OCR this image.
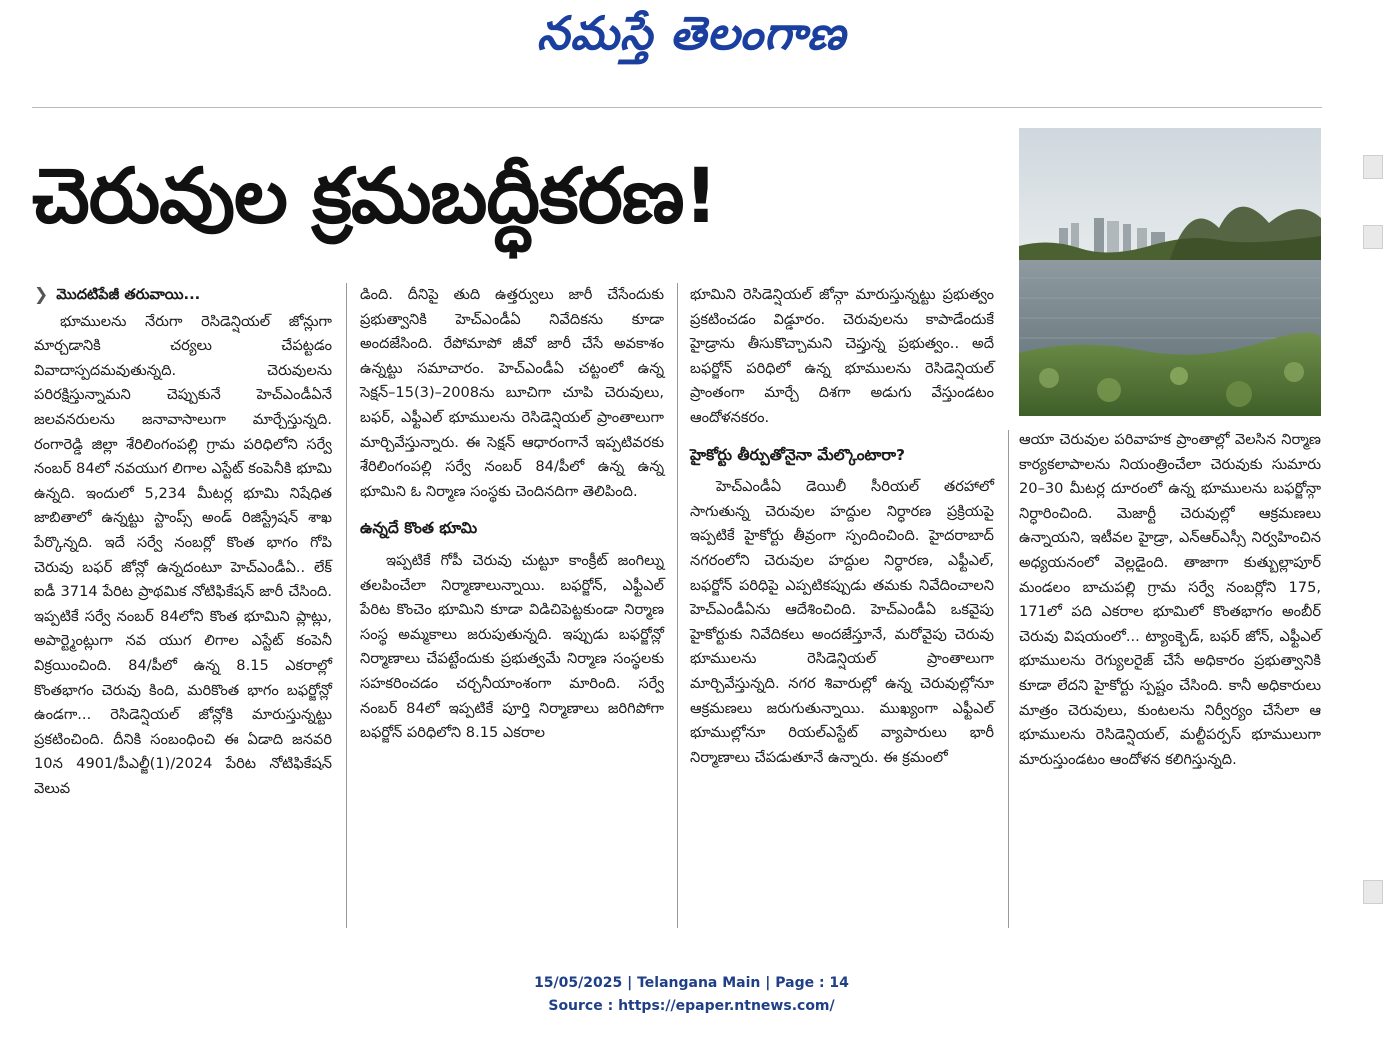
నమస్తే తెలంగాణ
చెరువుల క్రమబద్ధీకరణ!
❯ మొదటిపేజీ తరువాయి...

భూములను నేరుగా రెసిడెన్షియల్ జోన్లుగా మార్చడానికి చర్యలు చేపట్టడం వివాదాస్పదమవుతున్నది. చెరువులను పరిరక్షిస్తున్నామని చెప్పుకునే హెచ్ఎండీఏనే జలవనరులను జనావాసాలుగా మార్చేస్తున్నది. రంగారెడ్డి జిల్లా శేరిలింగంపల్లి గ్రామ పరిధిలోని సర్వే నంబర్ 84లో నవయుగ లిగాల ఎస్టేట్ కంపెనీకి భూమి ఉన్నది. ఇందులో 5,234 మీటర్ల భూమి నిషేధిత జాబితాలో ఉన్నట్టు స్టాంప్స్ అండ్ రిజిస్ట్రేషన్ శాఖ పేర్కొన్నది. ఇదే సర్వే నంబర్లో కొంత భాగం గోపి చెరువు బఫర్ జోన్లో ఉన్నదంటూ హెచ్ఎండీఏ.. లేక్ ఐడీ 3714 పేరిట ప్రాథమిక నోటిఫికేషన్ జారీ చేసింది. ఇప్పటికే సర్వే నంబర్ 84లోని కొంత భూమిని ప్లాట్లు, అపార్ట్మెంట్లుగా నవ యుగ లిగాల ఎస్టేట్ కంపెనీ విక్రయించింది. 84/పీలో ఉన్న 8.15 ఎకరాల్లో కొంతభాగం చెరువు కింది, మరికొంత భాగం బఫర్జోన్లో ఉండగా... రెసిడెన్షియల్ జోన్లోకి మారుస్తున్నట్టు ప్రకటించింది. దీనికి సంబంధించి ఈ ఏడాది జనవరి 10న 4901/పీఎల్జీ(1)/2024 పేరిట నోటిఫికేషన్ వెలువ

డింది. దీనిపై తుది ఉత్తర్వులు జారీ చేసేందుకు ప్రభుత్వానికి హెచ్ఎండీఏ నివేదికను కూడా అందజేసింది. రేపోమాపో జీవో జారీ చేసే అవకాశం ఉన్నట్టు సమాచారం. హెచ్ఎండీఏ చట్టంలో ఉన్న సెక్షన్–15(3)–2008ను బూచిగా చూపి చెరువులు, బఫర్, ఎఫ్టీఎల్ భూములను రెసిడెన్షియల్ ప్రాంతాలుగా మార్చివేస్తున్నారు. ఈ సెక్షన్ ఆధారంగానే ఇప్పటివరకు శేరిలింగంపల్లి సర్వే నంబర్ 84/పీలో ఉన్న ఉన్న భూమిని ఓ నిర్మాణ సంస్థకు చెందినదిగా తెలిపింది.

ఉన్నదే కొంత భూమి

ఇప్పటికే గోపీ చెరువు చుట్టూ కాంక్రీట్ జంగిల్ను తలపించేలా నిర్మాణాలున్నాయి. బఫర్జోన్, ఎఫ్టీఎల్ పేరిట కొంచెం భూమిని కూడా విడిచిపెట్టకుండా నిర్మాణ సంస్థ అమ్మకాలు జరుపుతున్నది. ఇప్పుడు బఫర్జోన్లో నిర్మాణాలు చేపట్టేందుకు ప్రభుత్వమే నిర్మాణ సంస్థలకు సహకరించడం చర్చనీయాంశంగా మారింది. సర్వే నంబర్ 84లో ఇప్పటికే పూర్తి నిర్మాణాలు జరిగిపోగా బఫర్జోన్ పరిధిలోని 8.15 ఎకరాల

భూమిని రెసిడెన్షియల్ జోన్గా మారుస్తున్నట్టు ప్రభుత్వం ప్రకటించడం విడ్డూరం. చెరువులను కాపాడేందుకే హైడ్రాను తీసుకొచ్చామని చెప్తున్న ప్రభుత్వం.. అదే బఫర్జోన్ పరిధిలో ఉన్న భూములను రెసిడెన్షియల్ ప్రాంతంగా మార్చే దిశగా అడుగు వేస్తుండటం ఆందోళనకరం.

హైకోర్టు తీర్పుతోనైనా మేల్కొంటారా?

హెచ్ఎండీఏ డెయిలీ సీరియల్ తరహాలో సాగుతున్న చెరువుల హద్దుల నిర్ధారణ ప్రక్రియపై ఇప్పటికే హైకోర్టు తీవ్రంగా స్పందించింది. హైదరాబాద్ నగరంలోని చెరువుల హద్దుల నిర్ధారణ, ఎఫ్టీఎల్, బఫర్జోన్ పరిధిపై ఎప్పటికప్పుడు తమకు నివేదించాలని హెచ్ఎండీఏను ఆదేశించింది. హెచ్ఎండీఏ ఒకవైపు హైకోర్టుకు నివేదికలు అందజేస్తూనే, మరోవైపు చెరువు భూములను రెసిడెన్షియల్ ప్రాంతాలుగా మార్చివేస్తున్నది. నగర శివారుల్లో ఉన్న చెరువుల్లోనూ ఆక్రమణలు జరుగుతున్నాయి. ముఖ్యంగా ఎఫ్టీఎల్ భూముల్లోనూ రియల్ఎస్టేట్ వ్యాపారులు భారీ నిర్మాణాలు చేపడుతూనే ఉన్నారు. ఈ క్రమంలో

ఆయా చెరువుల పరివాహక ప్రాంతాల్లో వెలసిన నిర్మాణ కార్యకలాపాలను నియంత్రించేలా చెరువుకు సుమారు 20–30 మీటర్ల దూరంలో ఉన్న భూములను బఫర్జోన్గా నిర్ధారించింది. మెజార్టీ చెరువుల్లో ఆక్రమణలు ఉన్నాయని, ఇటీవల హైడ్రా, ఎన్ఆర్ఎస్సీ నిర్వహించిన అధ్యయనంలో వెల్లడైంది. తాజాగా కుత్బుల్లాపూర్ మండలం బాచుపల్లి గ్రామ సర్వే నంబర్లోని 175, 171లో పది ఎకరాల భూమిలో కొంతభాగం అంబీర్ చెరువు విషయంలో... ట్యాంక్బెడ్, బఫర్ జోన్, ఎఫ్టీఎల్ భూములను రెగ్యులరైజ్ చేసే అధికారం ప్రభుత్వానికి కూడా లేదని హైకోర్టు స్పష్టం చేసింది. కానీ అధికారులు మాత్రం చెరువులు, కుంటలను నిర్వీర్యం చేసేలా ఆ భూములను రెసిడెన్షియల్, మల్టీపర్పస్ భూములుగా మారుస్తుండటం ఆందోళన కలిగిస్తున్నది.

15/05/2025 | Telangana Main | Page : 14
Source : https://epaper.ntnews.com/
